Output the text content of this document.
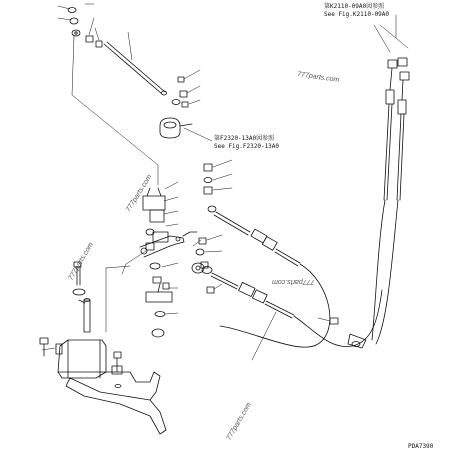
第K2110-09A0図参照
See Fig.K2110-09A0
第F2320-13A0図参照
See Fig.F2320-13A0
777parts.com
777parts.com
777parts.com	777parts.com
777parts.com
PDA7390
